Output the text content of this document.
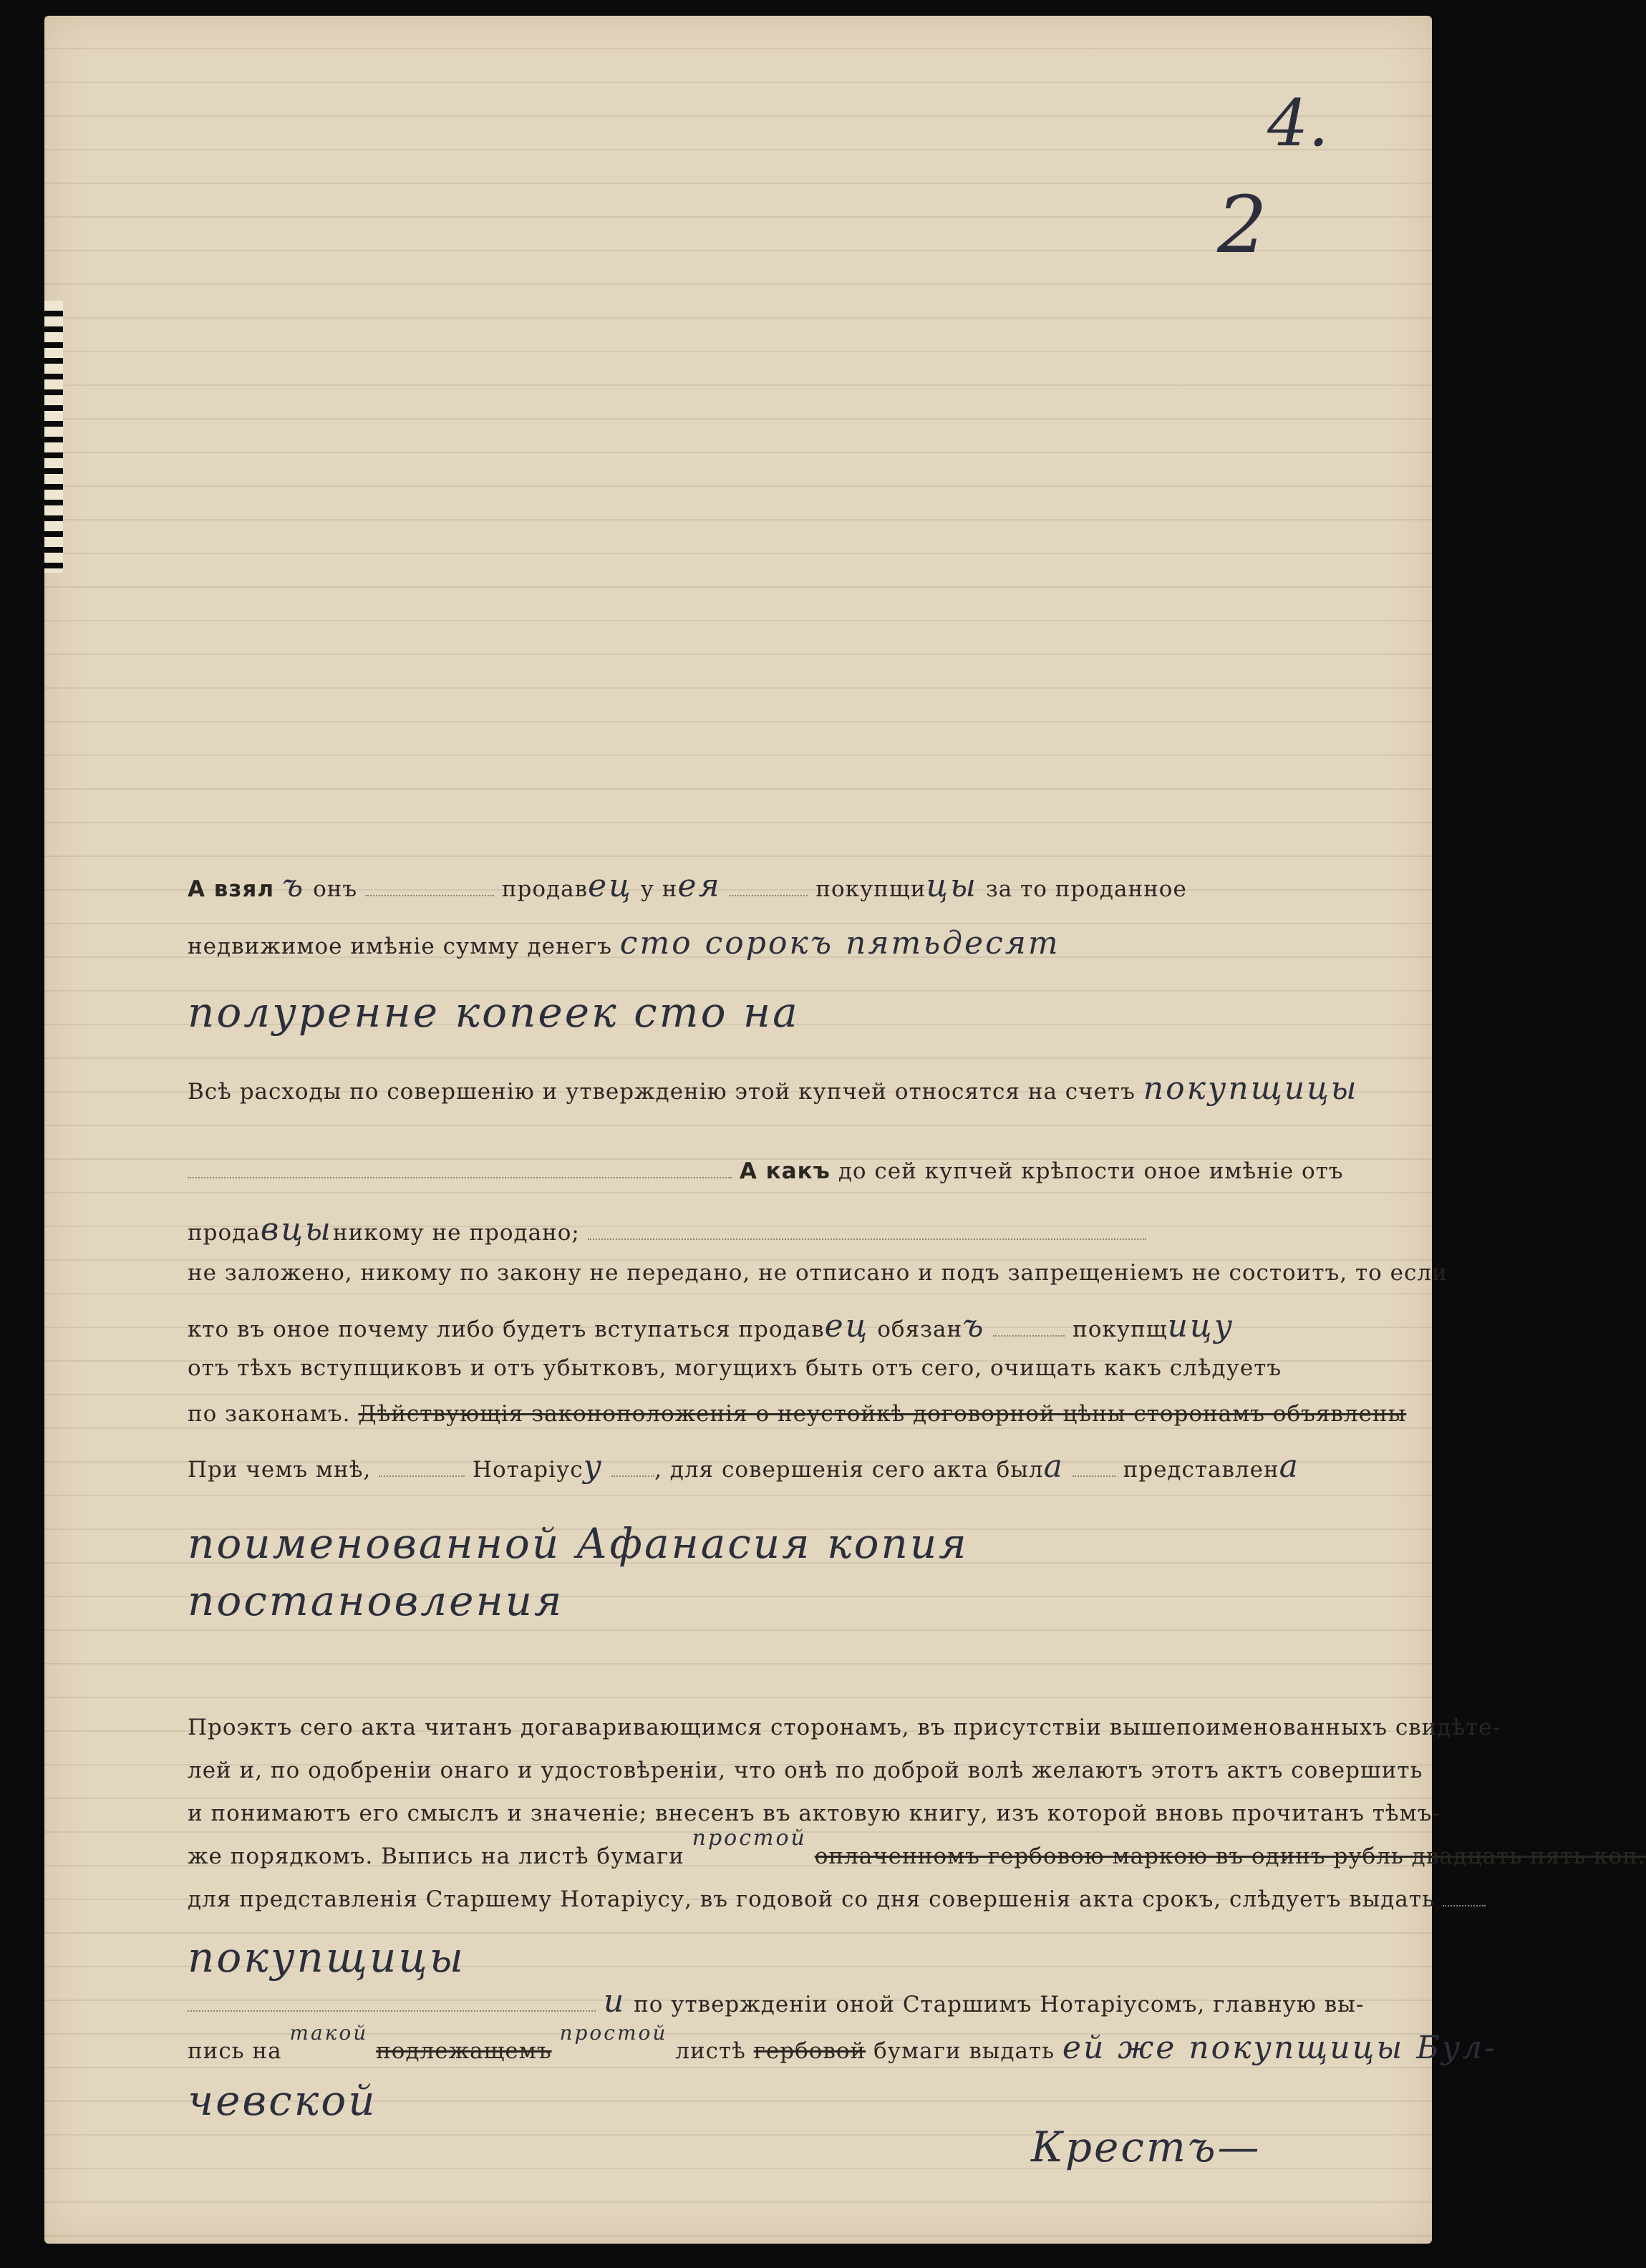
4.
2
А взял ъ онъ	продавец у нея	покупщицы за то проданное
недвижимое имѣніе сумму денегъ сто сорокъ пятьдесят
полуренне копеек сто на
Всѣ расходы по совершенію и утвержденію этой купчей относятся на счетъ покупщицы
А какъ до сей купчей крѣпости оное имѣніе отъ
продавцыникому не продано;
не заложено, никому по закону не передано, не отписано и подъ запрещеніемъ не состоитъ, то если
кто въ оное почему либо будетъ вступаться продавец обязанъ	покупщицу
отъ тѣхъ вступщиковъ и отъ убытковъ, могущихъ быть отъ сего, очищать какъ слѣдуетъ
по законамъ. Дѣйствующія законоположенія о неустойкѣ договорной цѣны сторонамъ объявлены
При чемъ мнѣ,	Нотаріусу , для совершенія сего акта была	представлена
поименованной Афанасия копия
постановления
Проэктъ сего акта читанъ догаваривающимся сторонамъ, въ присутствіи вышепоименованныхъ свидѣте-
лей и, по одобреніи онаго и удостовѣреніи, что онѣ по доброй волѣ желаютъ этотъ актъ совершить
и понимаютъ его смыслъ и значеніе; внесенъ въ актовую книгу, изъ которой вновь прочитанъ тѣмъ-
же порядкомъ. Выпись на листѣ бумаги простой оплаченномъ гербовою маркою въ одинъ рубль двадцать пять коп.
для представленія Старшему Нотаріусу, въ годовой со дня совершенія акта срокъ, слѣдуетъ выдать
покупщицы
и по утвержденіи оной Старшимъ Нотаріусомъ, главную вы-
пись на такой подлежащемъ простой листѣ гербовой бумаги выдать ей же покупщицы Бул-
чевской
Крестъ—
